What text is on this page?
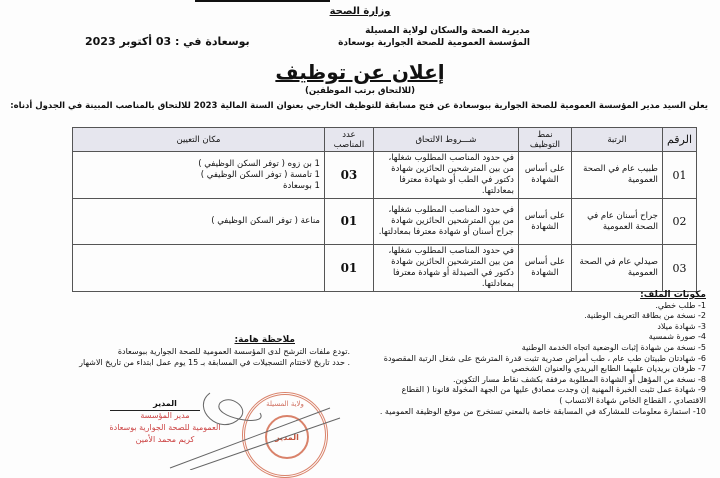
وزارة الصحة
مديرية الصحة والسكان لولاية المسيلة
المؤسسة العمومية للصحة الجوارية بوسعادة
بوسعادة في : 03 أكتوبر 2023
إعلان عن توظيف
(للالتحاق برتب الموظفين)
يعلن السيد مدير المؤسسة العمومية للصحة الجوارية ببوسعادة عن فتح مسابقة للتوظيف الخارجي بعنوان السنة المالية 2023 للالتحاق بالمناصب المبينة في الجدول أدناه:
الرقم	الرتبة	نمط التوظيف	شـــروط الالتحاق	عدد المناصب	مكان التعيين
01	طبيب عام في الصحة العمومية	على أساس الشهادة	في حدود المناصب المطلوب شغلها، من بين المترشحين الحائزين شهادة دكتور في الطب أو شهادة معترفا بمعادلتها.	03	1 بن زوه ( توفر السكن الوظيفي )
1 تامسة ( توفر السكن الوظيفي )
1 بوسعادة

02	جراح أسنان عام في الصحة العمومية	على أساس الشهادة	في حدود المناصب المطلوب شغلها، من بين المترشحين الحائزين شهادة جراح أسنان أو شهادة معترفا بمعادلتها.	01	مناعة ( توفر السكن الوظيفي )

03	صيدلي عام في الصحة العمومية	على أساس الشهادة	في حدود المناصب المطلوب شغلها، من بين المترشحين الحائزين شهادة دكتور في الصيدلة أو شهادة معترفا بمعادلتها.	01	
مكونات الملف:
1- طلب خطي.
2- نسخة من بطاقة التعريف الوطنية.
3- شهادة ميلاد
4- صورة شمسية
5- نسخة من شهادة إثبات الوضعية اتجاه الخدمة الوطنية
6- شهادتان طبيتان طب عام ، طب أمراض صدرية تثبت قدرة المترشح على شغل الرتبة المقصودة
7- ظرفان بريديان عليهما الطابع البريدي والعنوان الشخصي
8- نسخة من المؤهل أو الشهادة المطلوبة مرفقة بكشف نقاط مسار التكوين.
9- شهادة عمل تثبت الخبرة المهنية إن وجدت مصادق عليها من الجهة المخولة قانونا ( القطاع الاقتصادي ، القطاع الخاص شهادة الانتساب )
10- استمارة معلومات للمشاركة في المسابقة خاصة بالمعني تستخرج من موقع الوظيفة العمومية .
ملاحظة هامة:
.تودع ملفات الترشح لدى المؤسسة العمومية للصحة الجوارية ببوسعادة
. حدد تاريخ لاختتام التسجيلات في المسابقة بـ 15 يوم عمل ابتداء من تاريخ الاشهار
المدير
مدير المؤسسة
العمومية للصحة الجوارية بوسعادة
كريم محمد الأمين
ولاية المسيلة
المدير
